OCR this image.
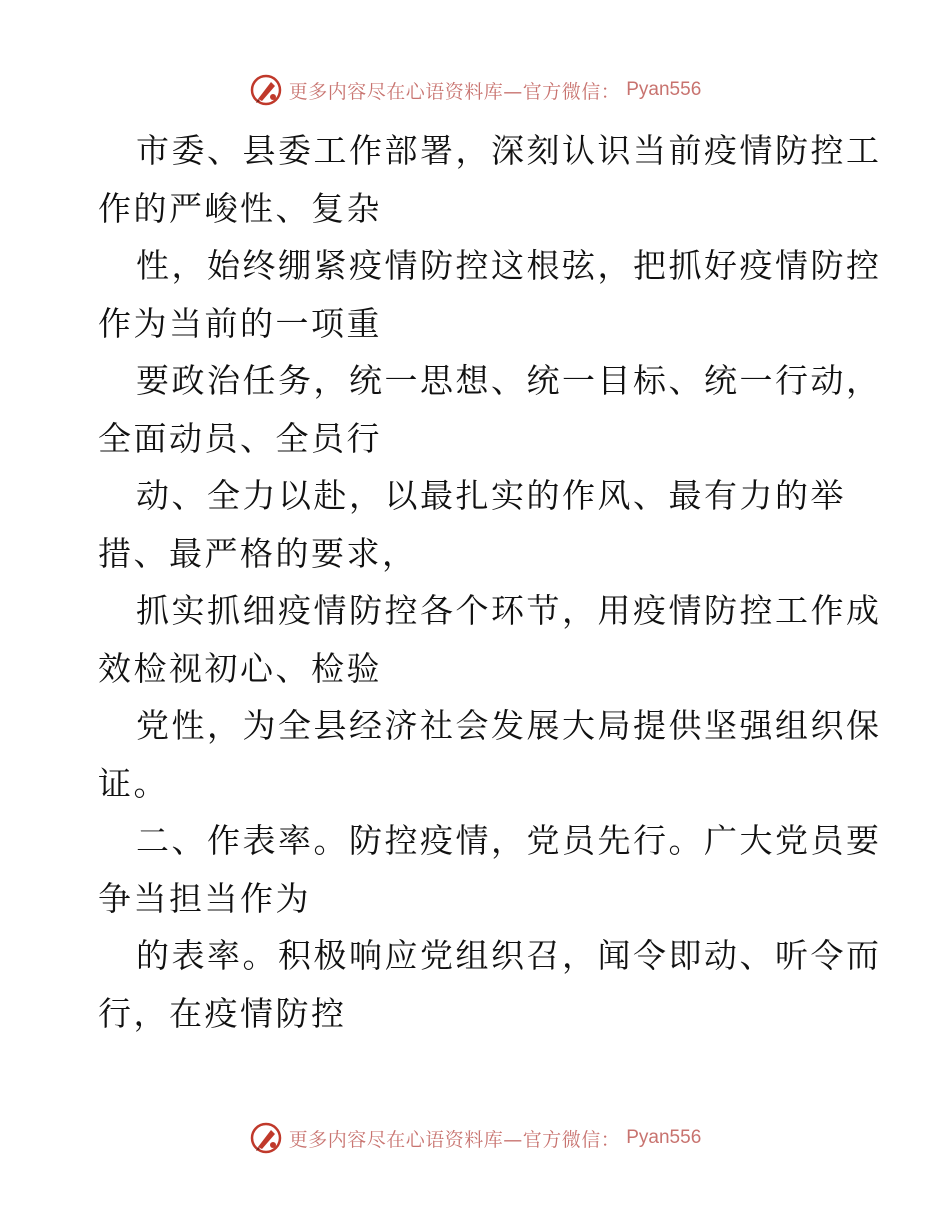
更多内容尽在心语资料库—官方微信： Pyan556
市委、县委工作部署，深刻认识当前疫情防控工
作的严峻性、复杂
性，始终绷紧疫情防控这根弦，把抓好疫情防控
作为当前的一项重
要政治任务，统一思想、统一目标、统一行动，
全面动员、全员行
动、全力以赴，以最扎实的作风、最有力的举
措、最严格的要求，
抓实抓细疫情防控各个环节，用疫情防控工作成
效检视初心、检验
党性，为全县经济社会发展大局提供坚强组织保
证。
二、作表率。防控疫情，党员先行。广大党员要
争当担当作为
的表率。积极响应党组织召，闻令即动、听令而
行，在疫情防控
更多内容尽在心语资料库—官方微信： Pyan556
